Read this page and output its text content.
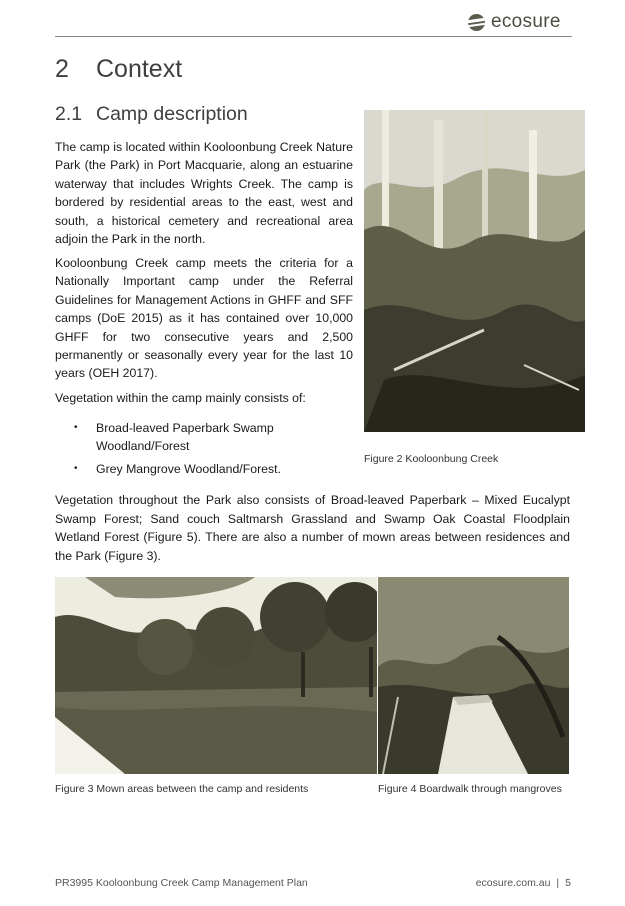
ecosure
2 Context
2.1 Camp description

The camp is located within Kooloonbung Creek Nature Park (the Park) in Port Macquarie, along an estuarine waterway that includes Wrights Creek. The camp is bordered by residential areas to the east, west and south, a historical cemetery and recreational area adjoin the Park in the north.

Kooloonbung Creek camp meets the criteria for a Nationally Important camp under the Referral Guidelines for Management Actions in GHFF and SFF camps (DoE 2015) as it has contained over 10,000 GHFF for two consecutive years and 2,500 permanently or seasonally every year for the last 10 years (OEH 2017).

Vegetation within the camp mainly consists of:

• Broad-leaved Paperbark Swamp Woodland/Forest
• Grey Mangrove Woodland/Forest.

Vegetation throughout the Park also consists of Broad-leaved Paperbark – Mixed Eucalypt Swamp Forest; Sand couch Saltmarsh Grassland and Swamp Oak Coastal Floodplain Wetland Forest (Figure 5). There are also a number of mown areas between residences and the Park (Figure 3).

Figure 2 Kooloonbung Creek
Figure 3 Mown areas between the camp and residents	Figure 4 Boardwalk through mangroves
PR3995 Kooloonbung Creek Camp Management Plan	ecosure.com.au | 5
